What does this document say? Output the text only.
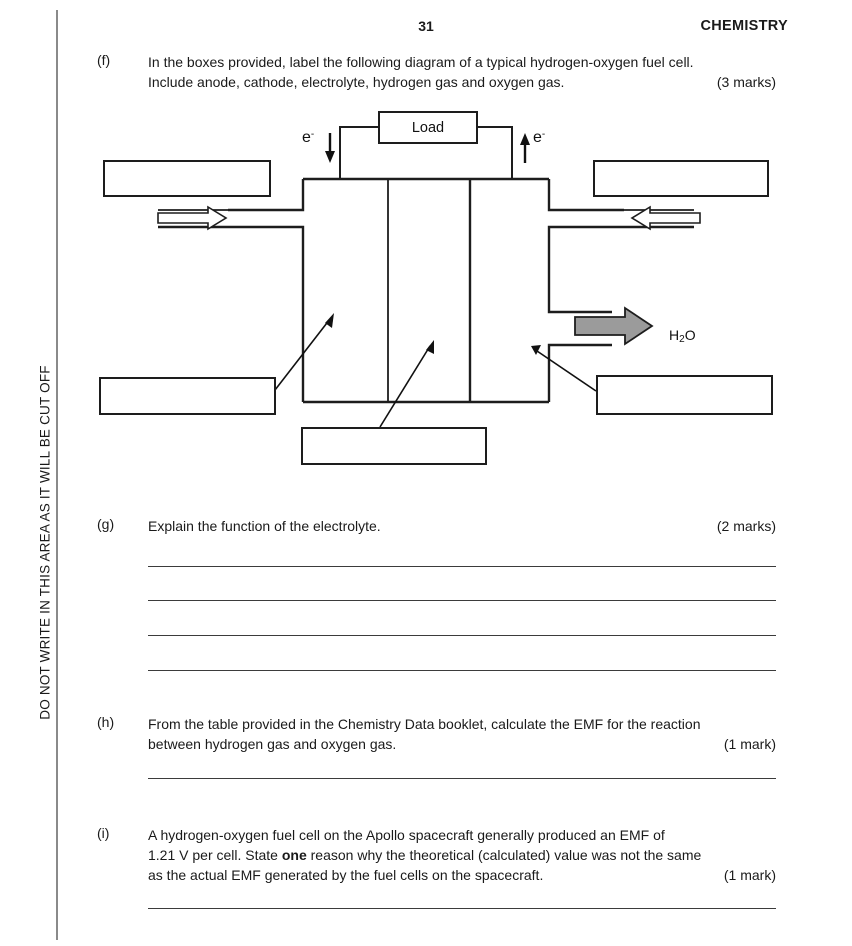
DO NOT WRITE IN THIS AREA AS IT WILL BE CUT OFF
31	CHEMISTRY
(f)	In the boxes provided, label the following diagram of a typical hydrogen-oxygen fuel cell.
Include anode, cathode, electrolyte, hydrogen gas and oxygen gas.	(3 marks)
Load
e-	e-
$H_2O$
(g) Explain the function of the electrolyte.	(2 marks)
(h) From the table provided in the Chemistry Data booklet, calculate the EMF for the reaction
between hydrogen gas and oxygen gas.	(1 mark)
(i)	A hydrogen-oxygen fuel cell on the Apollo spacecraft generally produced an EMF of
1.21 V per cell. State one reason why the theoretical (calculated) value was not the same
as the actual EMF generated by the fuel cells on the spacecraft.	(1 mark)
